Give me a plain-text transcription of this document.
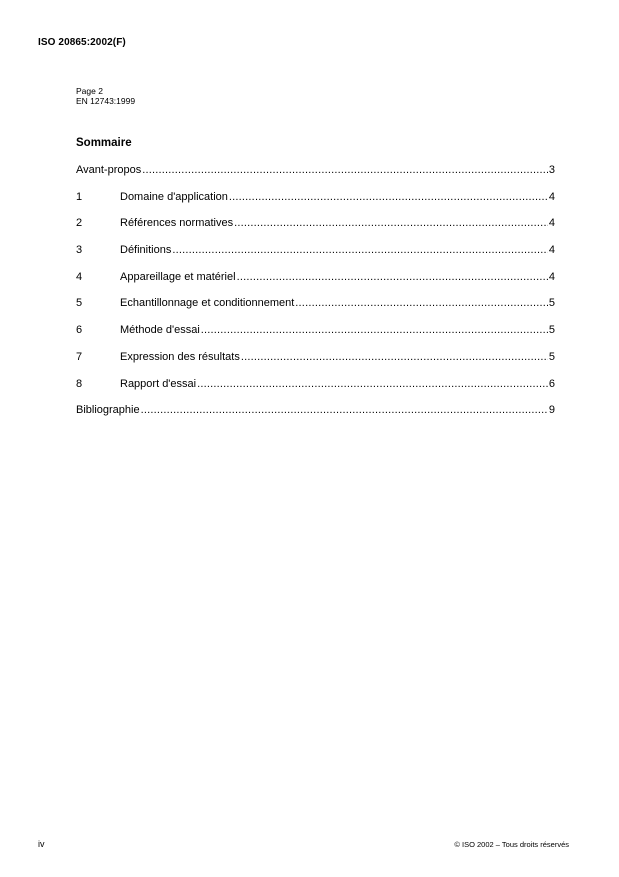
ISO 20865:2002(F)
Page 2
EN 12743:1999
Sommaire
Avant-propos .....	3
1	Domaine d'application .....	4
2	Références normatives .....	4
3	Définitions .....	4
4	Appareillage et matériel .....	4
5	Echantillonnage et conditionnement .....	5
6	Méthode d'essai .....	5
7	Expression des résultats .....	5
8	Rapport d'essai .....	6
Bibliographie .....	9
iv	© ISO 2002 – Tous droits réservés
